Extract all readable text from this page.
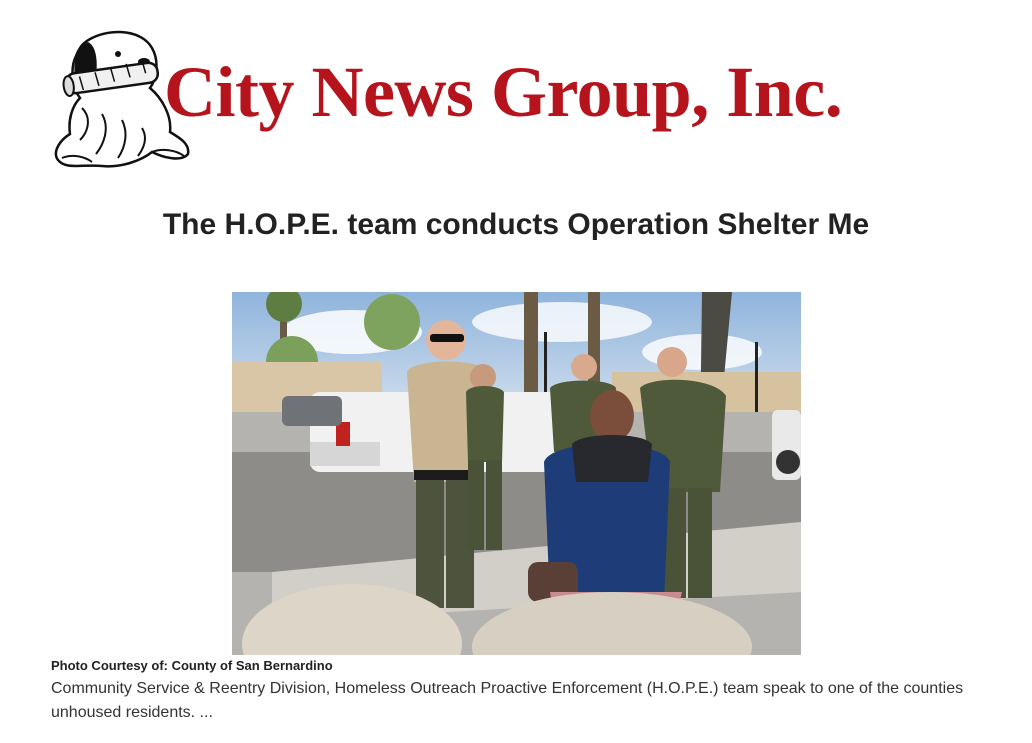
City News Group, Inc.
The H.O.P.E. team conducts Operation Shelter Me
Photo Courtesy of: County of San Bernardino

Community Service & Reentry Division, Homeless Outreach Proactive Enforcement (H.O.P.E.) team speak to one of the counties unhoused residents. ...
